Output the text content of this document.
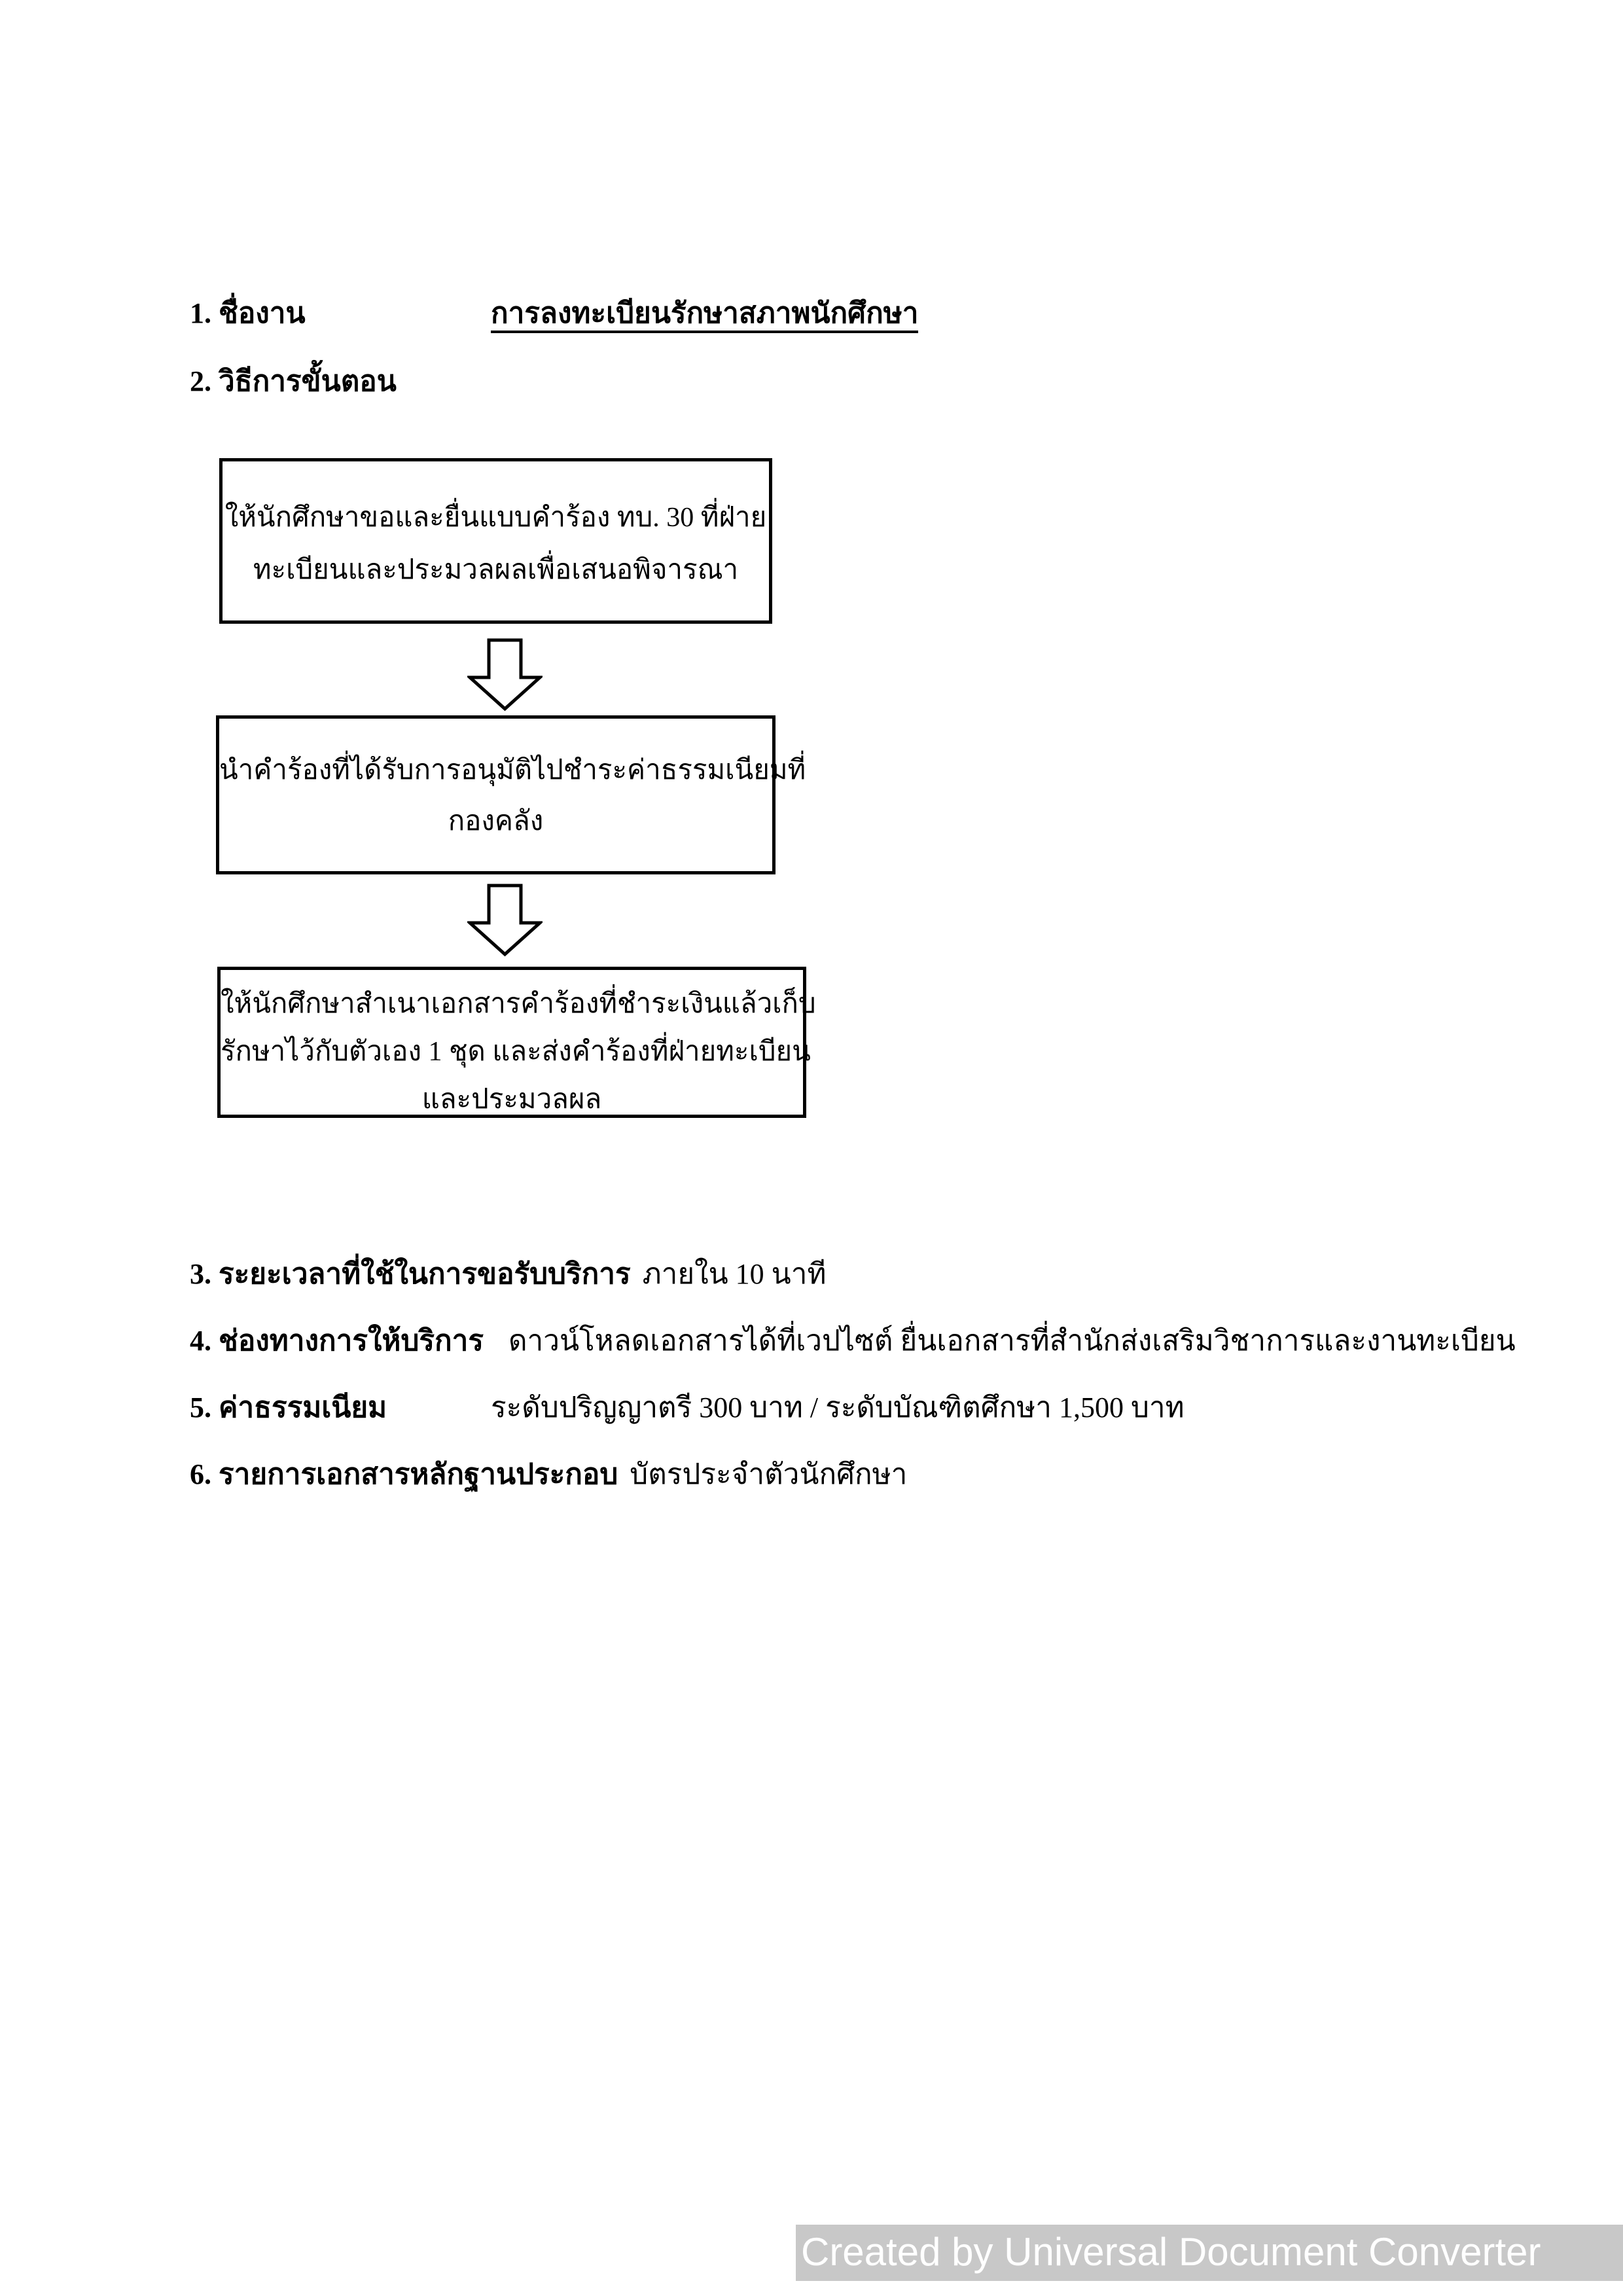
1. ชื่องาน	การลงทะเบียนรักษาสภาพนักศึกษา
2. วิธีการขั้นตอน
ให้นักศึกษาขอและยื่นแบบคำร้อง ทบ. 30 ที่ฝ่าย
ทะเบียนและประมวลผลเพื่อเสนอพิจารณา
นำคำร้องที่ได้รับการอนุมัติไปชำระค่าธรรมเนียมที่
กองคลัง
ให้นักศึกษาสำเนาเอกสารคำร้องที่ชำระเงินแล้วเก็บ
รักษาไว้กับตัวเอง 1 ชุด และส่งคำร้องที่ฝ่ายทะเบียน
และประมวลผล
3. ระยะเวลาที่ใช้ในการขอรับบริการ ภายใน 10 นาที
4. ช่องทางการให้บริการ ดาวน์โหลดเอกสารได้ที่เวปไซต์ ยื่นเอกสารที่สำนักส่งเสริมวิชาการและงานทะเบียน
5. ค่าธรรมเนียม	ระดับปริญญาตรี 300 บาท / ระดับบัณฑิตศึกษา 1,500 บาท
6. รายการเอกสารหลักฐานประกอบ บัตรประจำตัวนักศึกษา
Created by Universal Document Converter
